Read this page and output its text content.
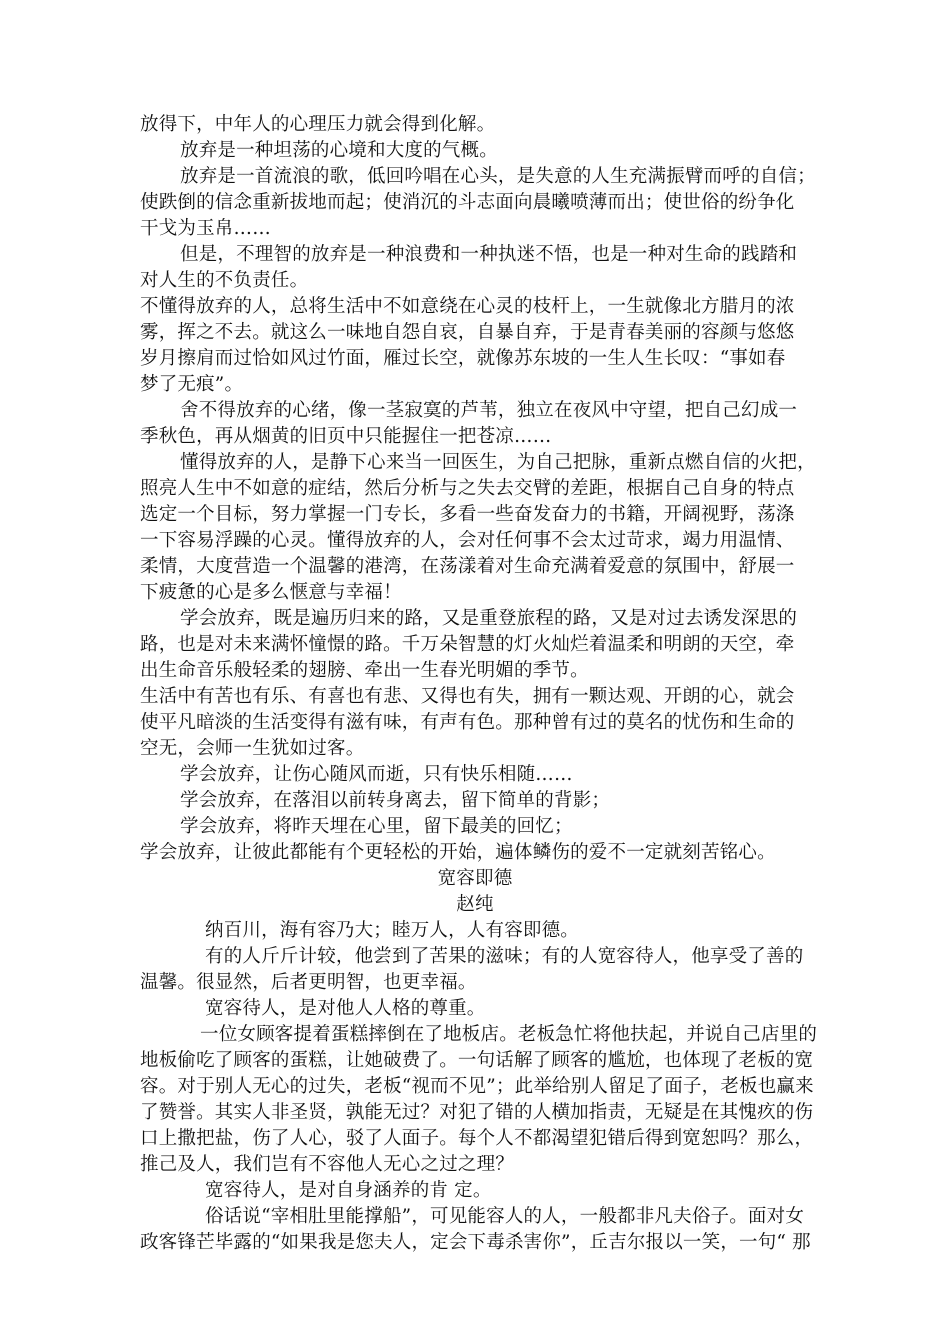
放得下，中年人的心理压力就会得到化解。
放弃是一种坦荡的心境和大度的气概。
放弃是一首流浪的歌，低回吟唱在心头，是失意的人生充满振臂而呼的自信；
使跌倒的信念重新拔地而起；使消沉的斗志面向晨曦喷薄而出；使世俗的纷争化
干戈为玉帛……
但是，不理智的放弃是一种浪费和一种执迷不悟，也是一种对生命的践踏和
对人生的不负责任。
不懂得放弃的人，总将生活中不如意绕在心灵的枝杆上，一生就像北方腊月的浓
雾，挥之不去。就这么一味地自怨自哀，自暴自弃，于是青春美丽的容颜与悠悠
岁月擦肩而过恰如风过竹面，雁过长空，就像苏东坡的一生人生长叹：“事如春
梦了无痕”。
舍不得放弃的心绪，像一茎寂寞的芦苇，独立在夜风中守望，把自己幻成一
季秋色，再从烟黄的旧页中只能握住一把苍凉……
懂得放弃的人，是静下心来当一回医生，为自己把脉，重新点燃自信的火把，
照亮人生中不如意的症结，然后分析与之失去交臂的差距，根据自己自身的特点
选定一个目标，努力掌握一门专长，多看一些奋发奋力的书籍，开阔视野，荡涤
一下容易浮躁的心灵。懂得放弃的人，会对任何事不会太过苛求，竭力用温情、
柔情，大度营造一个温馨的港湾，在荡漾着对生命充满着爱意的氛围中，舒展一
下疲惫的心是多么惬意与幸福！
学会放弃，既是遍历归来的路，又是重登旅程的路，又是对过去诱发深思的
路，也是对未来满怀憧憬的路。千万朵智慧的灯火灿烂着温柔和明朗的天空，牵
出生命音乐般轻柔的翅膀、牵出一生春光明媚的季节。
生活中有苦也有乐、有喜也有悲、又得也有失，拥有一颗达观、开朗的心，就会
使平凡暗淡的生活变得有滋有味，有声有色。那种曾有过的莫名的忧伤和生命的
空无，会师一生犹如过客。
学会放弃，让伤心随风而逝，只有快乐相随……
学会放弃，在落泪以前转身离去，留下简单的背影；
学会放弃，将昨天埋在心里，留下最美的回忆；
学会放弃，让彼此都能有个更轻松的开始，遍体鳞伤的爱不一定就刻苦铭心。
宽容即德
赵纯
纳百川，海有容乃大；睦万人，人有容即德。
有的人斤斤计较，他尝到了苦果的滋味；有的人宽容待人，他享受了善的
温馨。很显然，后者更明智，也更幸福。
宽容待人，是对他人人格的尊重。
一位女顾客提着蛋糕摔倒在了地板店。老板急忙将他扶起，并说自己店里的
地板偷吃了顾客的蛋糕，让她破费了。一句话解了顾客的尴尬，也体现了老板的宽
容。对于别人无心的过失，老板“视而不见”；此举给别人留足了面子，老板也赢来
了赞誉。其实人非圣贤，孰能无过？对犯了错的人横加指责，无疑是在其愧疚的伤
口上撒把盐，伤了人心，驳了人面子。每个人不都渴望犯错后得到宽恕吗？那么，
推己及人，我们岂有不容他人无心之过之理？
宽容待人，是对自身涵养的肯 定。
俗话说“宰相肚里能撑船”，可见能容人的人，一般都非凡夫俗子。面对女
政客锋芒毕露的“如果我是您夫人，定会下毒杀害你”，丘吉尔报以一笑，一句“ 那
